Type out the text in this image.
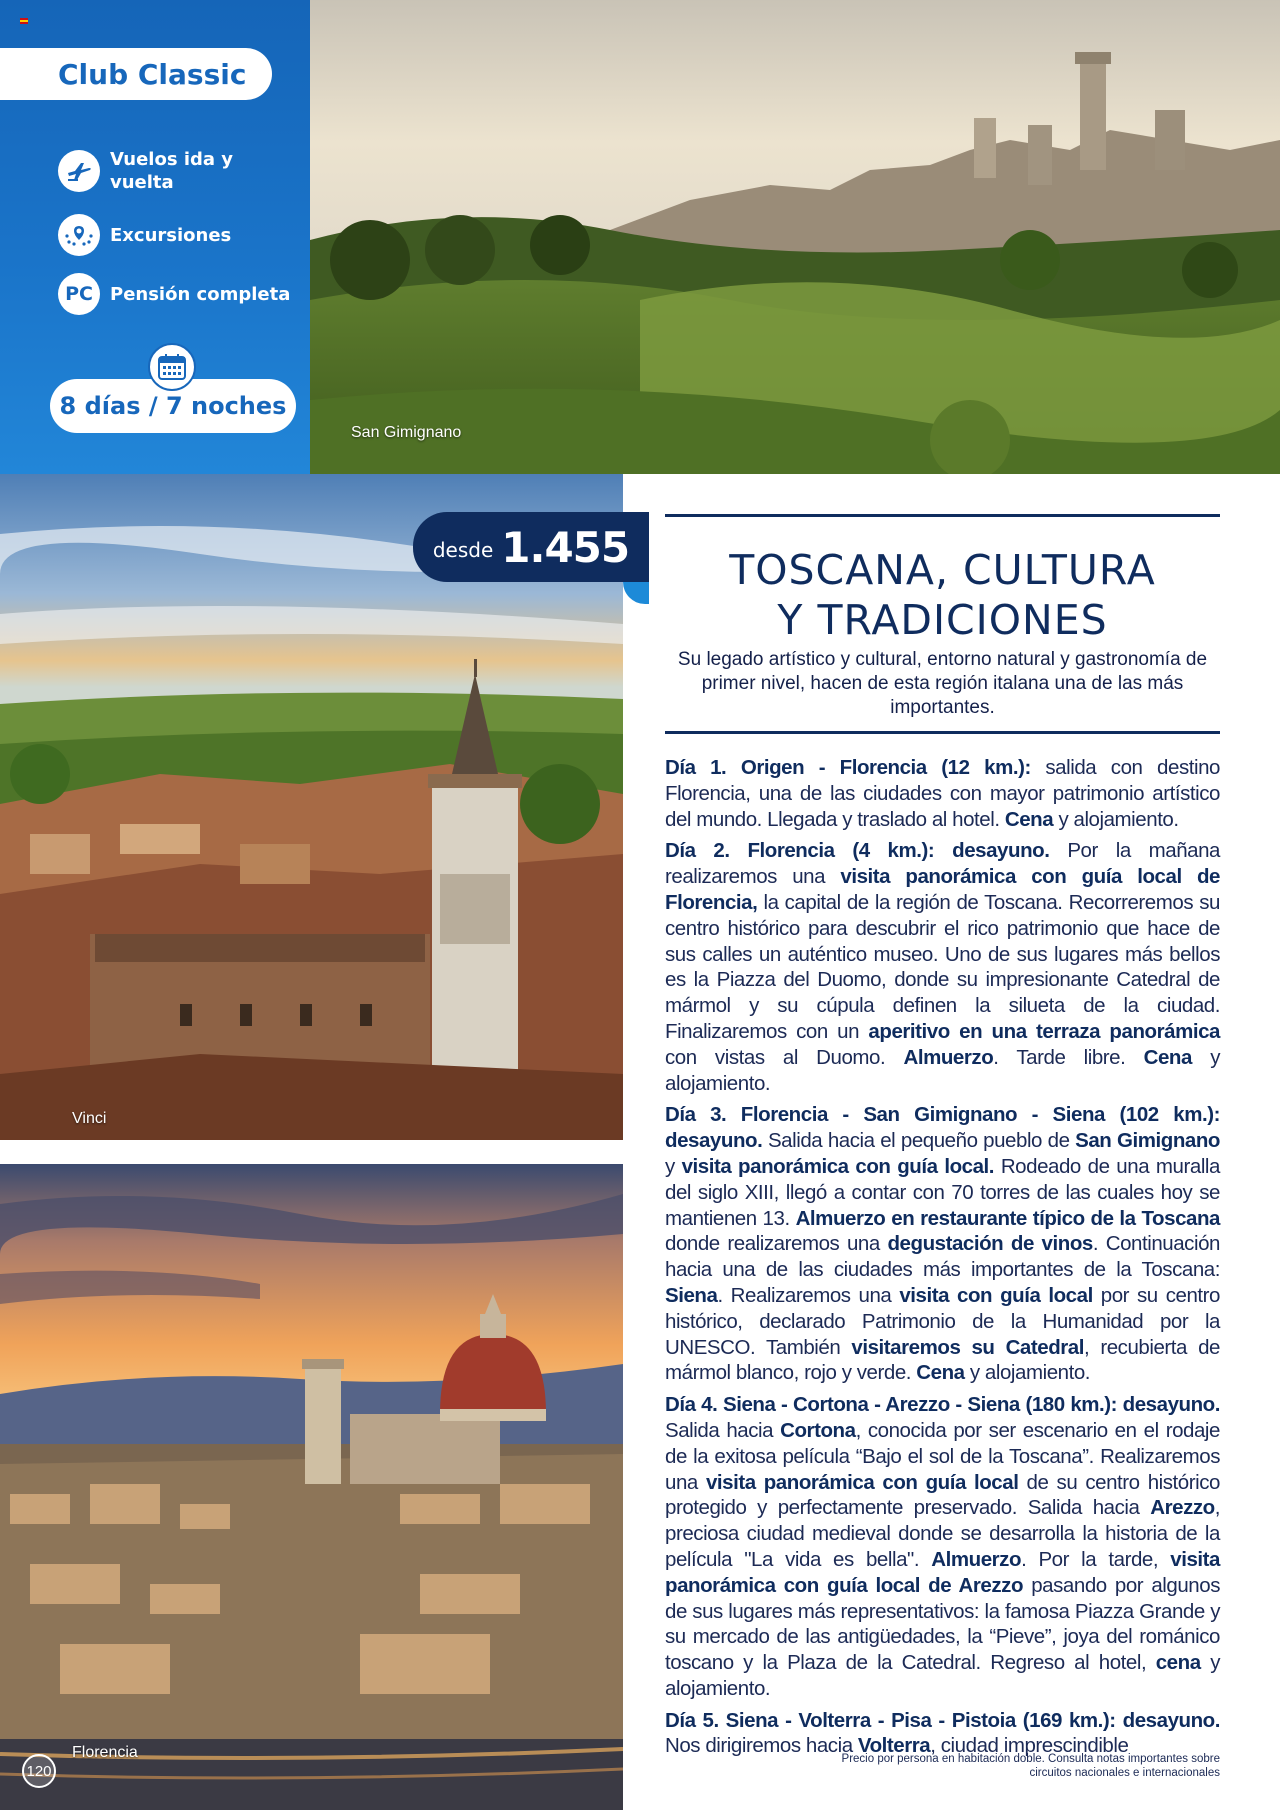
San Gimignano
Club Classic
Vuelos ida y
vuelta
Excursiones
PC Pensión completa
8 días / 7 noches
Vinci
Florencia
desde 1.455	TOSCANA, CULTURA
Y TRADICIONES
Su legado artístico y cultural, entorno natural y gastronomía de primer nivel, hacen de esta región italana una de las más importantes.

Día 1. Origen - Florencia (12 km.): salida con destino Florencia, una de las ciudades con mayor patrimonio artístico del mundo. Llegada y traslado al hotel. Cena y alojamiento.

Día 2. Florencia (4 km.): desayuno. Por la mañana realizaremos una visita panorámica con guía local de Florencia, la capital de la región de Toscana. Recorreremos su centro histórico para descubrir el rico patrimonio que hace de sus calles un auténtico museo. Uno de sus lugares más bellos es la Piazza del Duomo, donde su impresionante Catedral de mármol y su cúpula definen la silueta de la ciudad. Finalizaremos con un aperitivo en una terraza panorámica con vistas al Duomo. Almuerzo. Tarde libre. Cena y alojamiento.

Día 3. Florencia - San Gimignano - Siena (102 km.): desayuno. Salida hacia el pequeño pueblo de San Gimignano y visita panorámica con guía local. Rodeado de una muralla del siglo XIII, llegó a contar con 70 torres de las cuales hoy se mantienen 13. Almuerzo en restaurante típico de la Toscana donde realizaremos una degustación de vinos. Continuación hacia una de las ciudades más importantes de la Toscana: Siena. Realizaremos una visita con guía local por su centro histórico, declarado Patrimonio de la Humanidad por la UNESCO. También visitaremos su Catedral, recubierta de mármol blanco, rojo y verde. Cena y alojamiento.

Día 4. Siena - Cortona - Arezzo - Siena (180 km.): desayuno. Salida hacia Cortona, conocida por ser escenario en el rodaje de la exitosa película “Bajo el sol de la Toscana”. Realizaremos una visita panorámica con guía local de su centro histórico protegido y perfectamente preservado. Salida hacia Arezzo, preciosa ciudad medieval donde se desarrolla la historia de la película "La vida es bella". Almuerzo. Por la tarde, visita panorámica con guía local de Arezzo pasando por algunos de sus lugares más representativos: la famosa Piazza Grande y su mercado de las antigüedades, la “Pieve”, joya del románico toscano y la Plaza de la Catedral. Regreso al hotel, cena y alojamiento.

Día 5. Siena - Volterra - Pisa - Pistoia (169 km.): desayuno. Nos dirigiremos hacia Volterra, ciudad imprescindible

Precio por persona en habitación doble. Consulta notas importantes sobre
circuitos nacionales e internacionales
120
